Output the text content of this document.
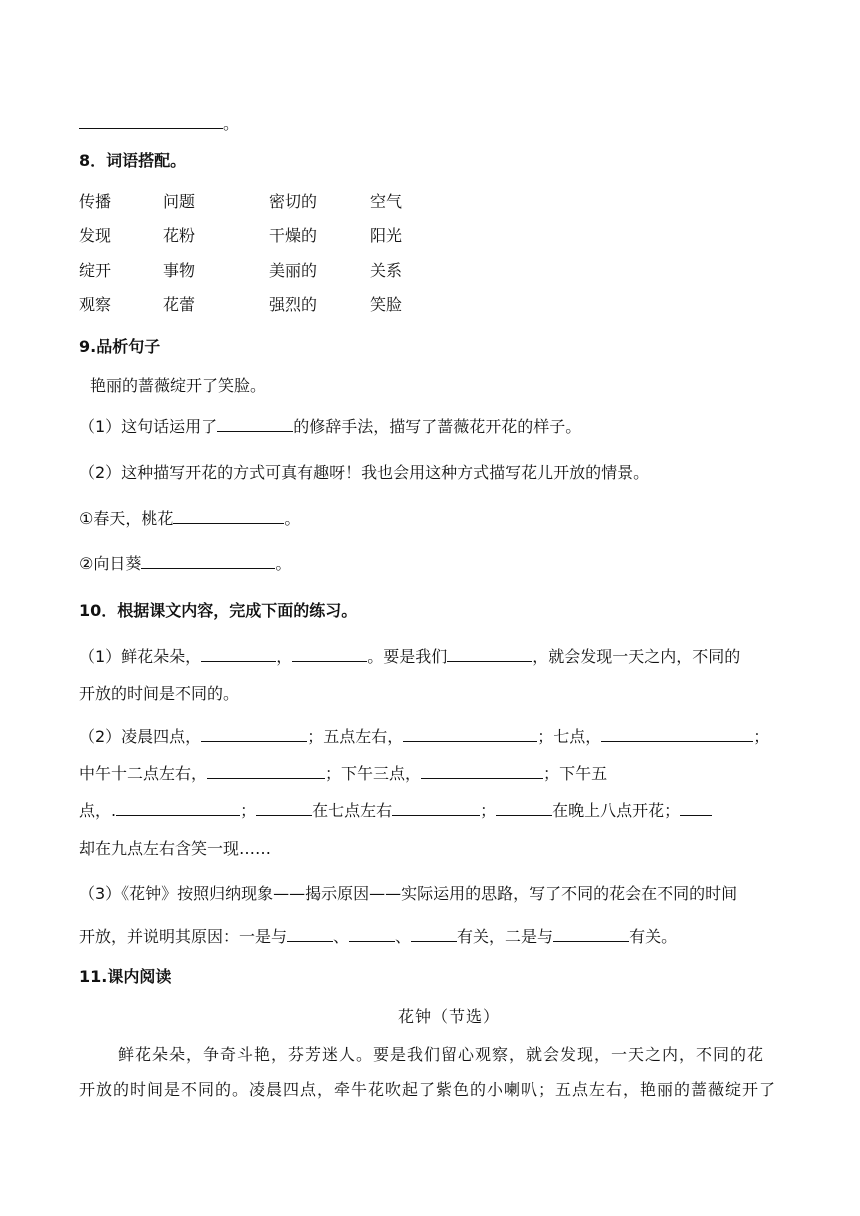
。
8．词语搭配。
传播	问题	密切的	空气
发现	花粉	干燥的	阳光
绽开	事物	美丽的	关系
观察	花蕾	强烈的	笑脸
9.品析句子
艳丽的蔷薇绽开了笑脸。
（1）这句话运用了	的修辞手法，描写了蔷薇花开花的样子。
（2）这种描写开花的方式可真有趣呀！我也会用这种方式描写花儿开放的情景。
①春天，桃花	。
②向日葵	。
10．根据课文内容，完成下面的练习。
（1）鲜花朵朵，	，	。要是我们	，就会发现一天之内，不同的
开放的时间是不同的。
（2）凌晨四点，	；五点左右，	；七点，	；
中午十二点左右，	；下午三点，	；下午五
点，.	；	在七点左右	；	在晚上八点开花；
却在九点左右含笑一现……
（3）《花钟》按照归纳现象——揭示原因——实际运用的思路，写了不同的花会在不同的时间
开放，并说明其原因：一是与	、	、	有关，二是与	有关。
11.课内阅读
花钟（节选）
鲜花朵朵，争奇斗艳，芬芳迷人。要是我们留心观察，就会发现，一天之内，不同的花
开放的时间是不同的。凌晨四点，牵牛花吹起了紫色的小喇叭；五点左右，艳丽的蔷薇绽开了
